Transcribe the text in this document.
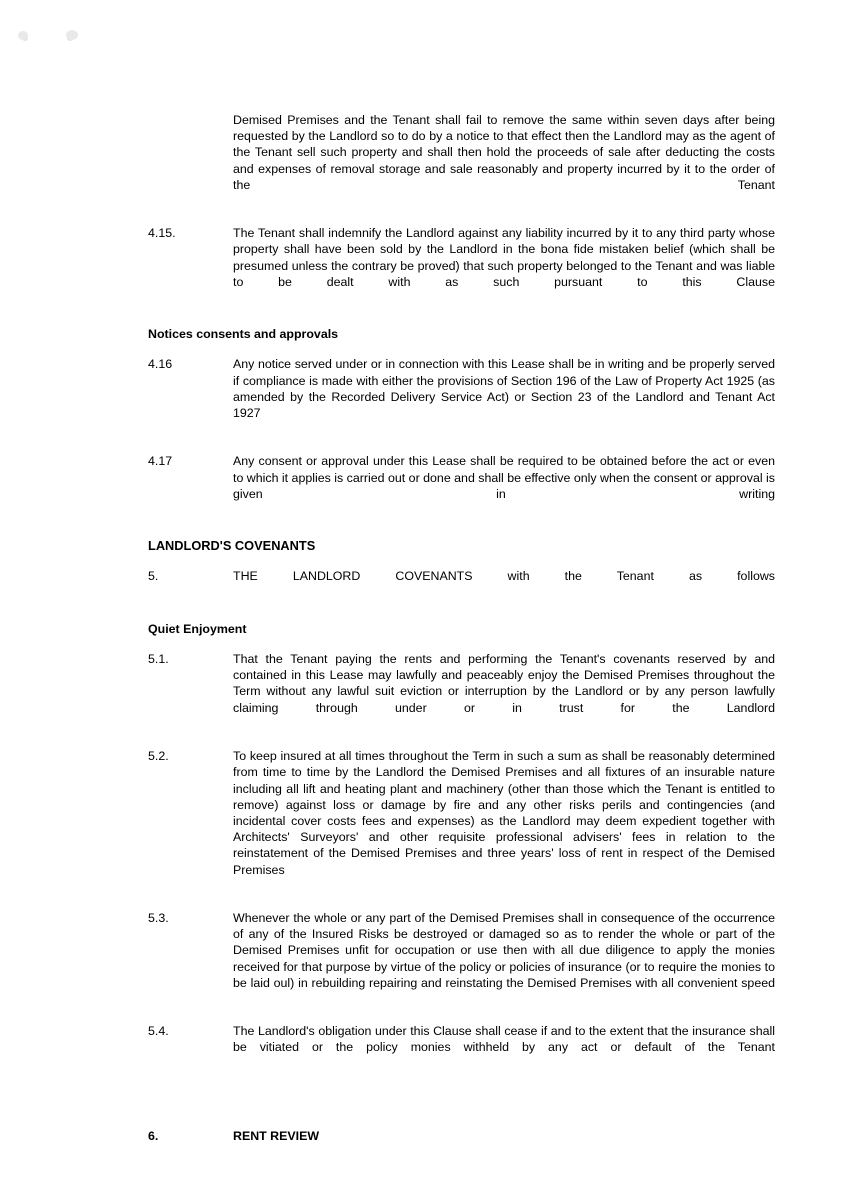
Demised Premises and the Tenant shall fail to remove the same within seven days after being requested by the Landlord so to do by a notice to that effect then the Landlord may as the agent of the Tenant sell such property and shall then hold the proceeds of sale after deducting the costs and expenses of removal storage and sale reasonably and property incurred by it to the order of the Tenant
4.15.	The Tenant shall indemnify the Landlord against any liability incurred by it to any third party whose property shall have been sold by the Landlord in the bona fide mistaken belief (which shall be presumed unless the contrary be proved) that such property belonged to the Tenant and was liable to be dealt with as such pursuant to this Clause
Notices consents and approvals
4.16	Any notice served under or in connection with this Lease shall be in writing and be properly served if compliance is made with either the provisions of Section 196 of the Law of Property Act 1925 (as amended by the Recorded Delivery Service Act) or Section 23 of the Landlord and Tenant Act 1927
4.17	Any consent or approval under this Lease shall be required to be obtained before the act or even to which it applies is carried out or done and shall be effective only when the consent or approval is given in writing
LANDLORD'S COVENANTS
5.	THE LANDLORD COVENANTS with the Tenant as follows
Quiet Enjoyment
5.1.	That the Tenant paying the rents and performing the Tenant's covenants reserved by and contained in this Lease may lawfully and peaceably enjoy the Demised Premises throughout the Term without any lawful suit eviction or interruption by the Landlord or by any person lawfully claiming through under or in trust for the Landlord
5.2.	To keep insured at all times throughout the Term in such a sum as shall be reasonably determined from time to time by the Landlord the Demised Premises and all fixtures of an insurable nature including all lift and heating plant and machinery (other than those which the Tenant is entitled to remove) against loss or damage by fire and any other risks perils and contingencies (and incidental cover costs fees and expenses) as the Landlord may deem expedient together with Architects' Surveyors' and other requisite professional advisers' fees in relation to the reinstatement of the Demised Premises and three years' loss of rent in respect of the Demised Premises
5.3.	Whenever the whole or any part of the Demised Premises shall in consequence of the occurrence of any of the Insured Risks be destroyed or damaged so as to render the whole or part of the Demised Premises unfit for occupation or use then with all due diligence to apply the monies received for that purpose by virtue of the policy or policies of insurance (or to require the monies to be laid oul) in rebuilding repairing and reinstating the Demised Premises with all convenient speed
5.4.	The Landlord's obligation under this Clause shall cease if and to the extent that the insurance shall be vitiated or the policy monies withheld by any act or default of the Tenant
6.	RENT REVIEW
